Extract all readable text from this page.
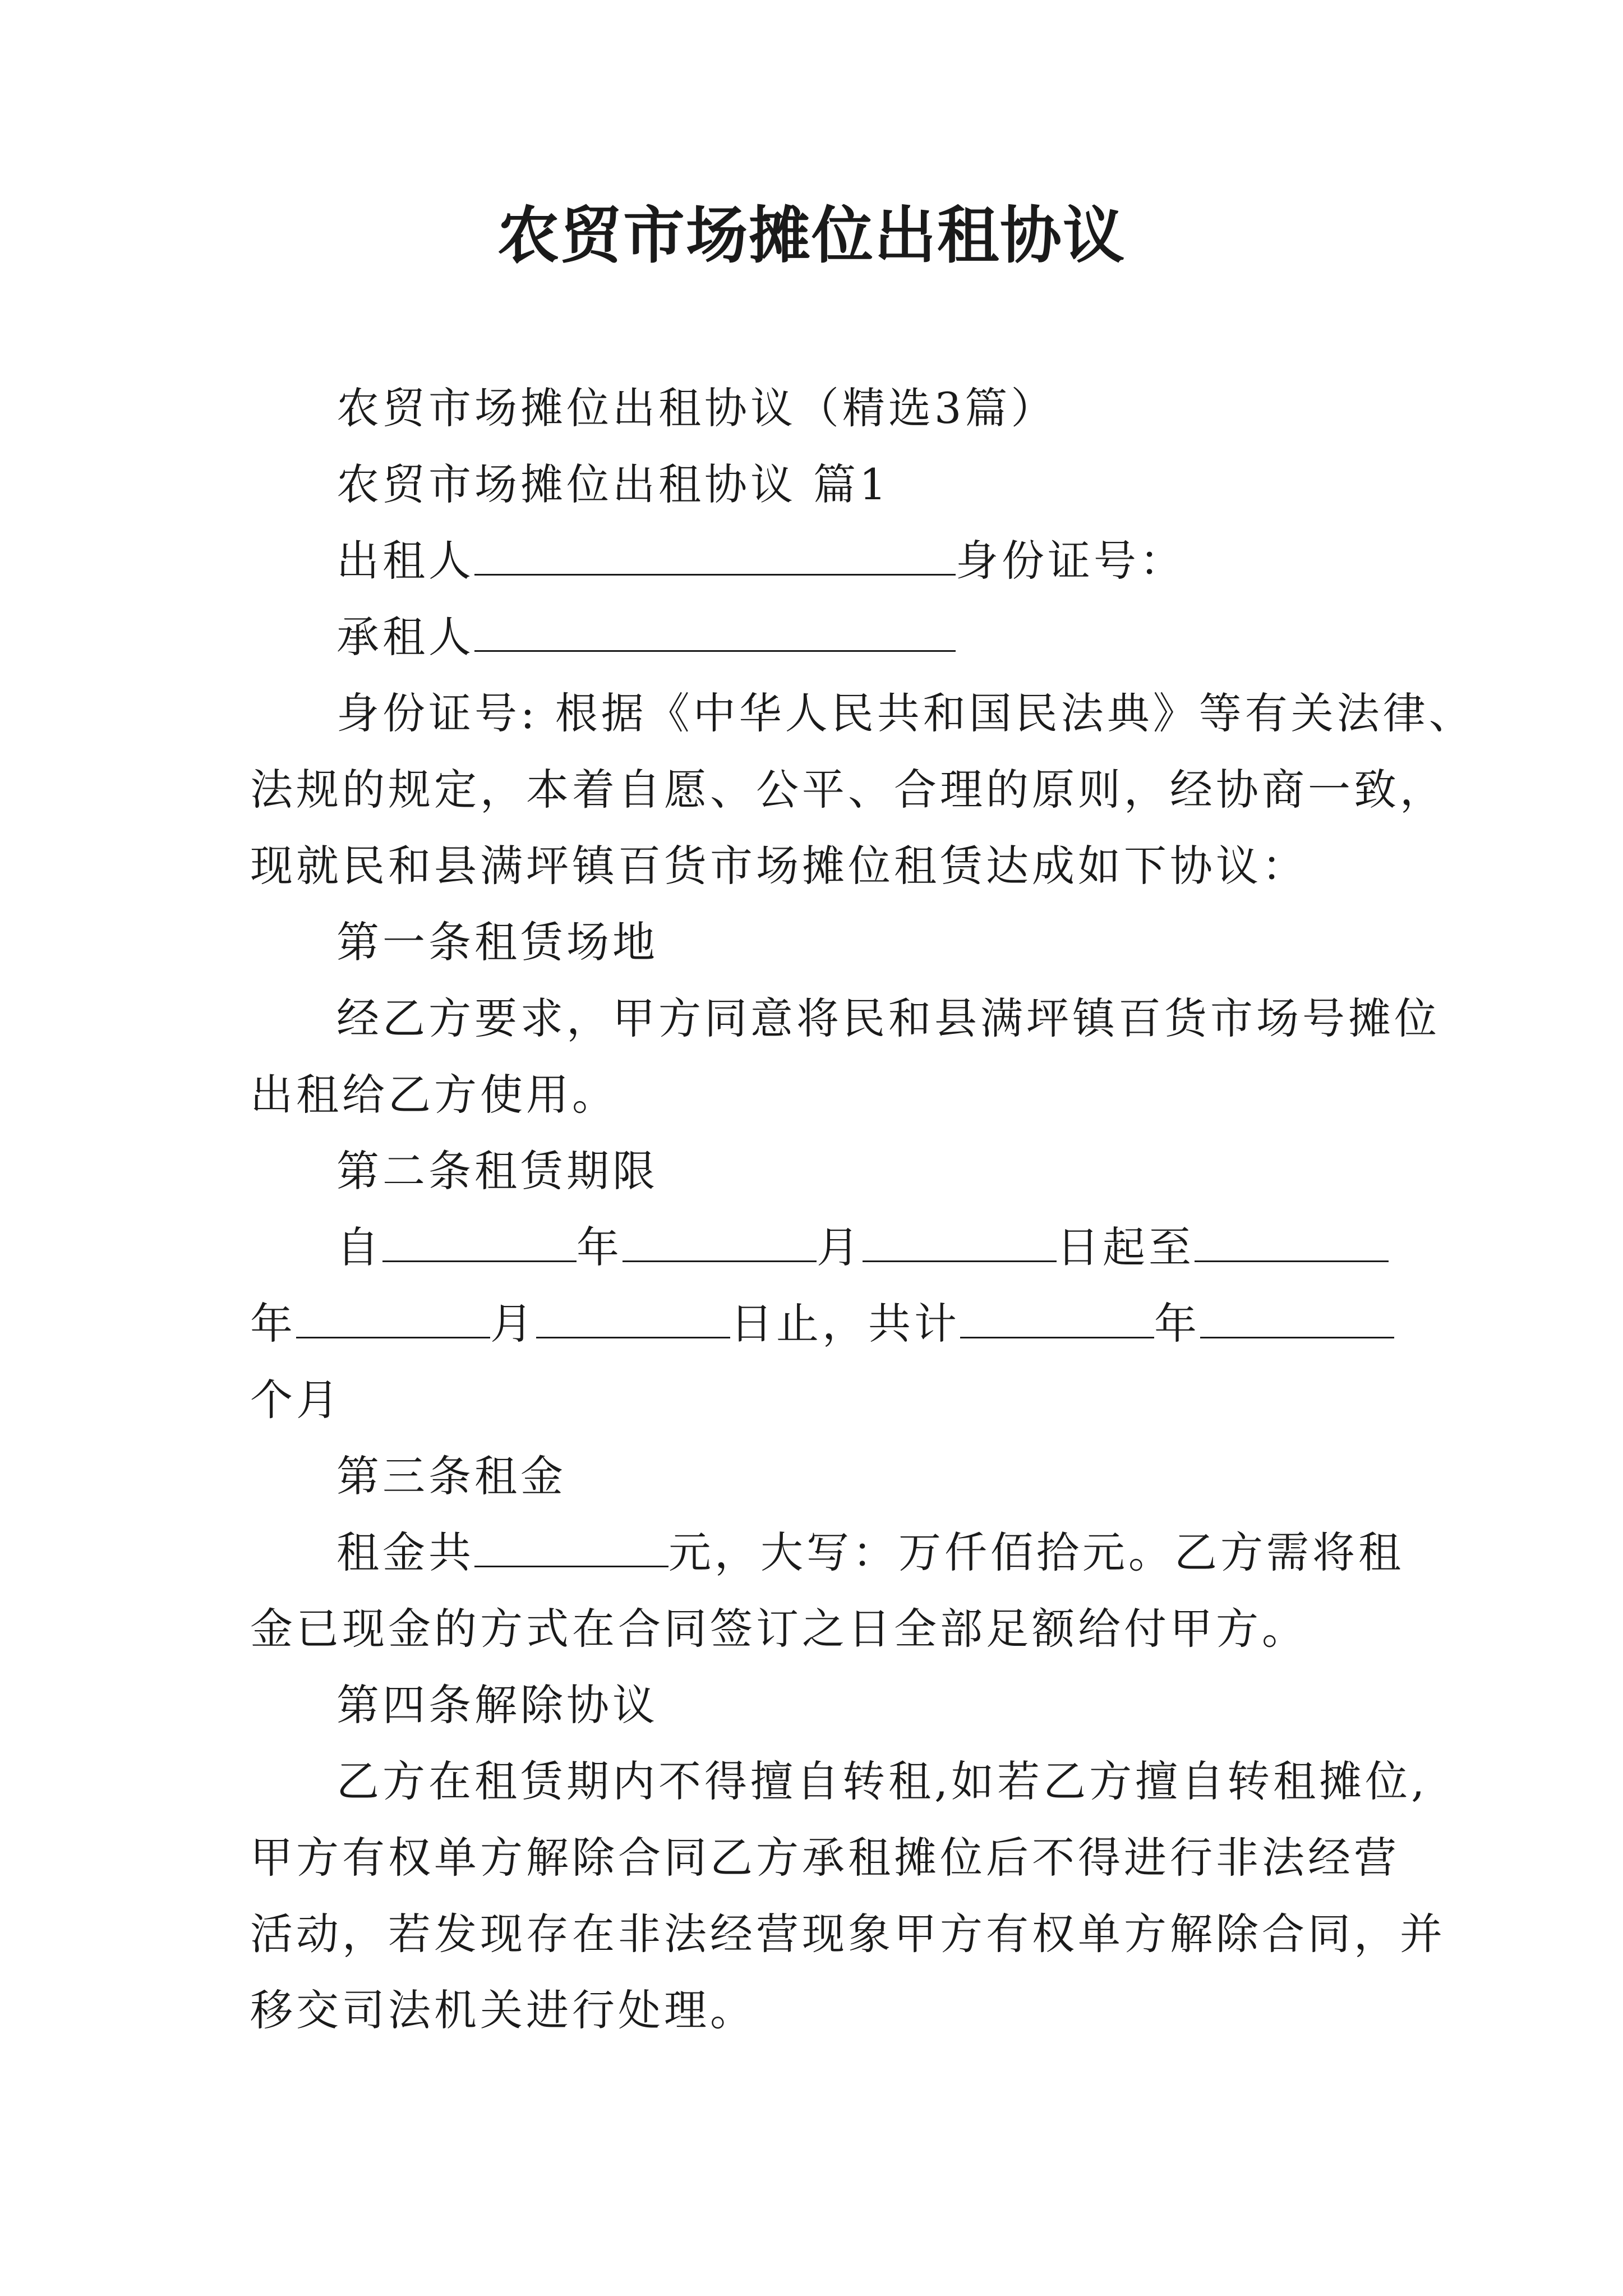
农贸市场摊位出租协议
农贸市场摊位出租协议（精选3篇）
农贸市场摊位出租协议 篇1
出租人	身份证号：
承租人
身份证号: 根据《中华人民共和国民法典》等有关法律、
法规的规定，本着自愿、公平、合理的原则，经协商一致，
现就民和县满坪镇百货市场摊位租赁达成如下协议：
第一条租赁场地
经乙方要求，甲方同意将民和县满坪镇百货市场号摊位
出租给乙方使用。
第二条租赁期限
自	年	月	日起至
年	月	日止，共计	年
个月
第三条租金
租金共	元，大写：万仟佰拾元。乙方需将租
金已现金的方式在合同签订之日全部足额给付甲方。
第四条解除协议
乙方在租赁期内不得擅自转租,如若乙方擅自转租摊位,
甲方有权单方解除合同乙方承租摊位后不得进行非法经营
活动，若发现存在非法经营现象甲方有权单方解除合同，并
移交司法机关进行处理。
